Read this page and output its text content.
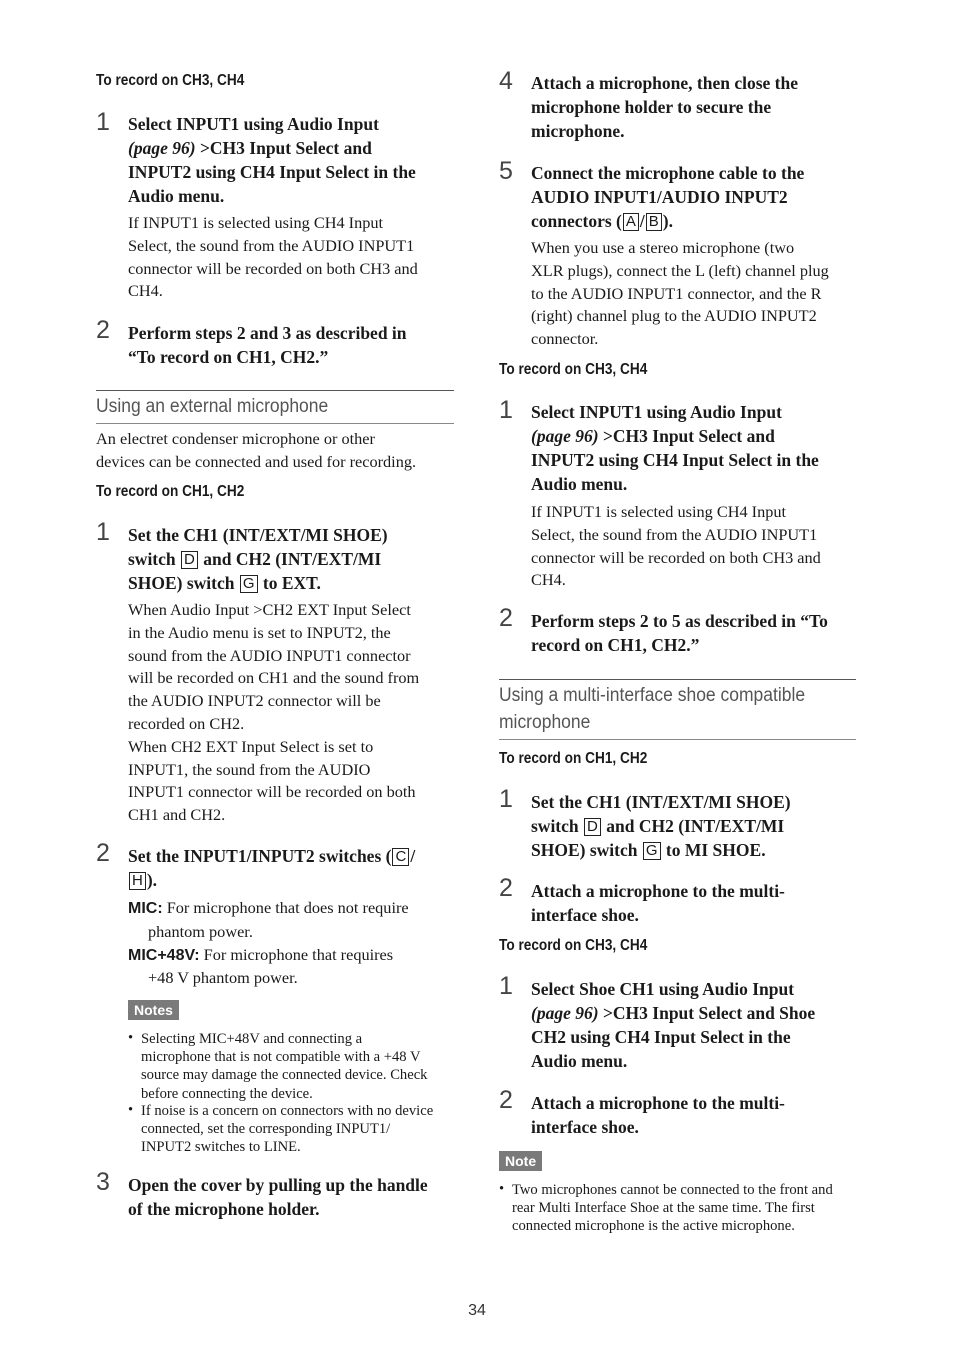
To record on CH3, CH4
1 Select INPUT1 using Audio Input
(page 96) >CH3 Input Select and
INPUT2 using CH4 Input Select in the
Audio menu.
If INPUT1 is selected using CH4 Input
Select, the sound from the AUDIO INPUT1
connector will be recorded on both CH3 and
CH4.
2 Perform steps 2 and 3 as described in
“To record on CH1, CH2.”
Using an external microphone
An electret condenser microphone or other
devices can be connected and used for recording.
To record on CH1, CH2
1 Set the CH1 (INT/EXT/MI SHOE)
switch D and CH2 (INT/EXT/MI
SHOE) switch G to EXT.
When Audio Input >CH2 EXT Input Select
in the Audio menu is set to INPUT2, the
sound from the AUDIO INPUT1 connector
will be recorded on CH1 and the sound from
the AUDIO INPUT2 connector will be
recorded on CH2.
When CH2 EXT Input Select is set to
INPUT1, the sound from the AUDIO
INPUT1 connector will be recorded on both
CH1 and CH2.
2 Set the INPUT1/INPUT2 switches ( C /
H ).
MIC: For microphone that does not require
phantom power.
MIC+48V: For microphone that requires
+48 V phantom power.
Notes
• Selecting MIC+48V and connecting a
microphone that is not compatible with a +48 V
source may damage the connected device. Check
before connecting the device.
• If noise is a concern on connectors with no device
connected, set the corresponding INPUT1/
INPUT2 switches to LINE.
3 Open the cover by pulling up the handle
of the microphone holder.
4 Attach a microphone, then close the
microphone holder to secure the
microphone.
5 Connect the microphone cable to the
AUDIO INPUT1/AUDIO INPUT2
connectors ( A / B ).
When you use a stereo microphone (two
XLR plugs), connect the L (left) channel plug
to the AUDIO INPUT1 connector, and the R
(right) channel plug to the AUDIO INPUT2
connector.
To record on CH3, CH4
1 Select INPUT1 using Audio Input
(page 96) >CH3 Input Select and
INPUT2 using CH4 Input Select in the
Audio menu.
If INPUT1 is selected using CH4 Input
Select, the sound from the AUDIO INPUT1
connector will be recorded on both CH3 and
CH4.
2 Perform steps 2 to 5 as described in “To
record on CH1, CH2.”
Using a multi-interface shoe compatible
microphone
To record on CH1, CH2
1 Set the CH1 (INT/EXT/MI SHOE)
switch D and CH2 (INT/EXT/MI
SHOE) switch G to MI SHOE.
2 Attach a microphone to the multi-
interface shoe.
To record on CH3, CH4
1 Select Shoe CH1 using Audio Input
(page 96) >CH3 Input Select and Shoe
CH2 using CH4 Input Select in the
Audio menu.
2 Attach a microphone to the multi-
interface shoe.
Note
• Two microphones cannot be connected to the front and
rear Multi Interface Shoe at the same time. The first
connected microphone is the active microphone.
34
